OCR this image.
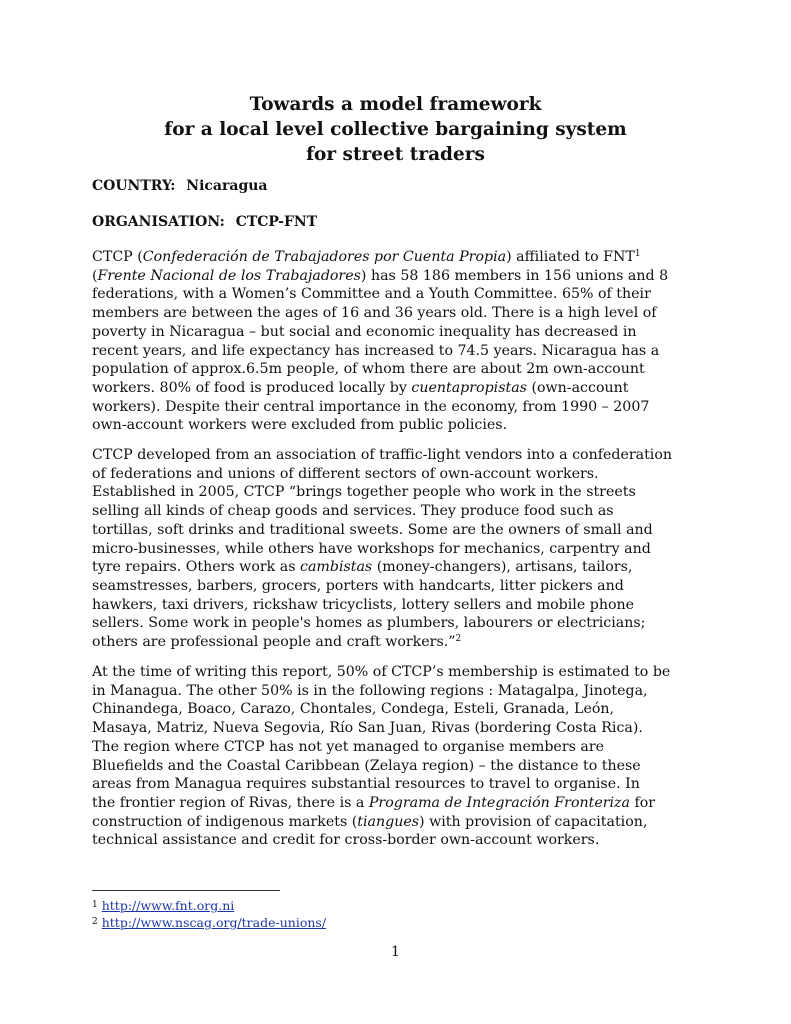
Towards a model framework
for a local level collective bargaining system
for street traders
COUNTRY: Nicaragua
ORGANISATION: CTCP-FNT
CTCP (Confederación de Trabajadores por Cuenta Propia) affiliated to FNT$^1$
(Frente Nacional de los Trabajadores) has 58 186 members in 156 unions and 8
federations, with a Women’s Committee and a Youth Committee. 65% of their
members are between the ages of 16 and 36 years old. There is a high level of
poverty in Nicaragua – but social and economic inequality has decreased in
recent years, and life expectancy has increased to 74.5 years. Nicaragua has a
population of approx.6.5m people, of whom there are about 2m own-account
workers. 80% of food is produced locally by cuentapropistas (own-account
workers). Despite their central importance in the economy, from 1990 – 2007
own-account workers were excluded from public policies.
CTCP developed from an association of traffic-light vendors into a confederation
of federations and unions of different sectors of own-account workers.
Established in 2005, CTCP “brings together people who work in the streets
selling all kinds of cheap goods and services. They produce food such as
tortillas, soft drinks and traditional sweets. Some are the owners of small and
micro-businesses, while others have workshops for mechanics, carpentry and
tyre repairs. Others work as cambistas (money-changers), artisans, tailors,
seamstresses, barbers, grocers, porters with handcarts, litter pickers and
hawkers, taxi drivers, rickshaw tricyclists, lottery sellers and mobile phone
sellers. Some work in people's homes as plumbers, labourers or electricians;
others are professional people and craft workers.”$^2$
At the time of writing this report, 50% of CTCP’s membership is estimated to be
in Managua. The other 50% is in the following regions : Matagalpa, Jinotega,
Chinandega, Boaco, Carazo, Chontales, Condega, Esteli, Granada, León,
Masaya, Matriz, Nueva Segovia, Río San Juan, Rivas (bordering Costa Rica).
The region where CTCP has not yet managed to organise members are
Bluefields and the Coastal Caribbean (Zelaya region) – the distance to these
areas from Managua requires substantial resources to travel to organise. In
the frontier region of Rivas, there is a Programa de Integración Fronteriza for
construction of indigenous markets (tiangues) with provision of capacitation,
technical assistance and credit for cross-border own-account workers.
$^1$ http://www.fnt.org.ni
$^2$ http://www.nscag.org/trade-unions/
1
